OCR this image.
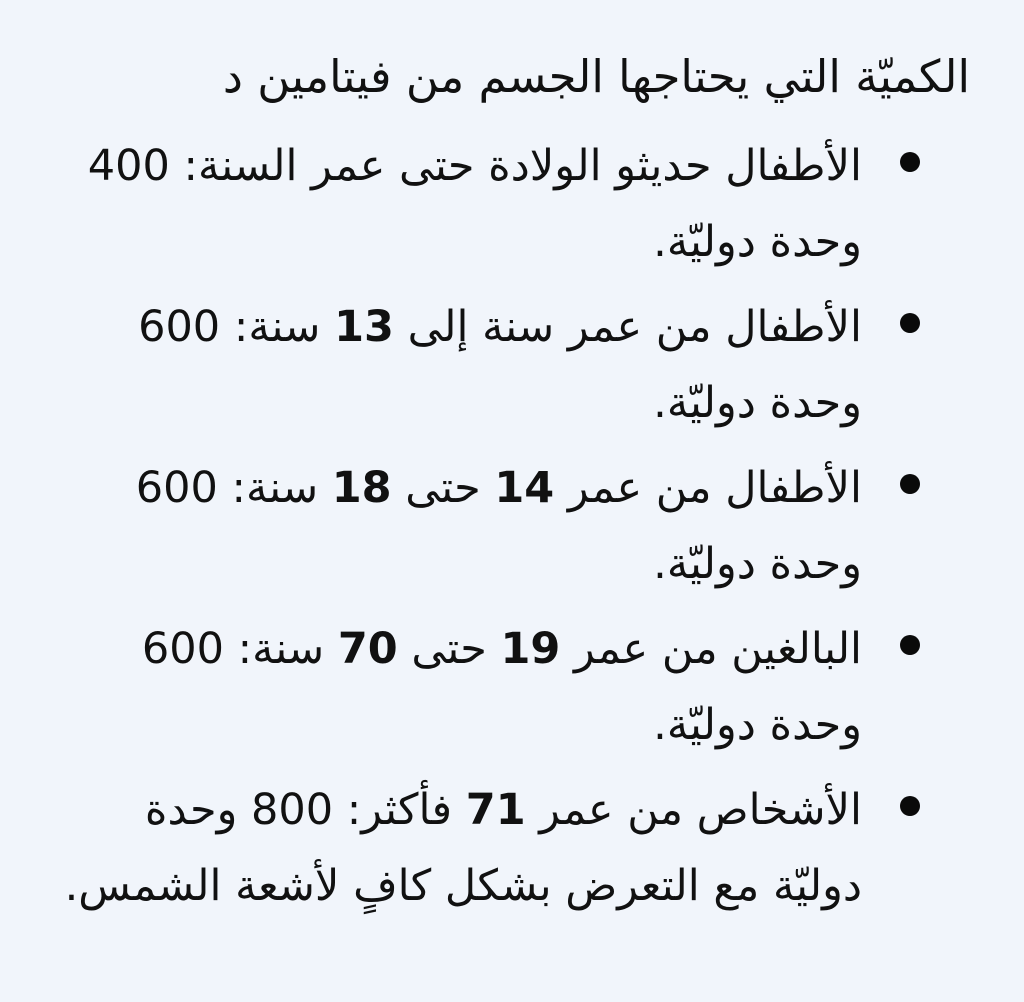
الكميّة التي يحتاجها الجسم من فيتامين د
الأطفال حديثو الولادة حتى عمر السنة: 400 وحدة دوليّة.
الأطفال من عمر سنة إلى 13 سنة: 600 وحدة دوليّة.
الأطفال من عمر 14 حتى 18 سنة: 600 وحدة دوليّة.
البالغين من عمر 19 حتى 70 سنة: 600 وحدة دوليّة.
الأشخاص من عمر 71 فأكثر: 800 وحدة دوليّة مع التعرض بشكل كافٍ لأشعة الشمس.
